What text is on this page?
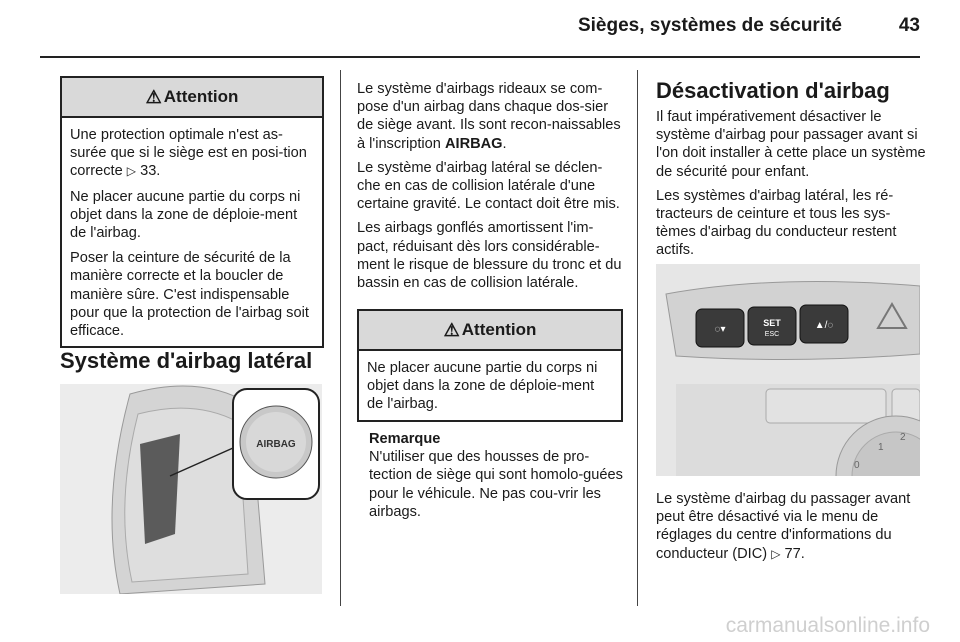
Sièges, systèmes de sécurité	43
⚠ Attention

Une protection optimale n'est as-surée que si le siège est en posi-tion correcte ▷ 33.

Ne placer aucune partie du corps ni objet dans la zone de déploie-ment de l'airbag.

Poser la ceinture de sécurité de la manière correcte et la boucler de manière sûre. C'est indispensable pour que la protection de l'airbag soit efficace.

Système d'airbag latéral
AIRBAG

Le système d'airbags rideaux se com-pose d'un airbag dans chaque dos-sier de siège avant. Ils sont recon-naissables à l'inscription AIRBAG.

Le système d'airbag latéral se déclen-che en cas de collision latérale d'une certaine gravité. Le contact doit être mis.

Les airbags gonflés amortissent l'im-pact, réduisant dès lors considérable-ment le risque de blessure du tronc et du bassin en cas de collision latérale.

⚠ Attention

Ne placer aucune partie du corps ni objet dans la zone de déploie-ment de l'airbag.

Remarque
N'utiliser que des housses de pro-tection de siège qui sont homolo-guées pour le véhicule. Ne pas cou-vrir les airbags.
Désactivation d'airbag

Il faut impérativement désactiver le système d'airbag pour passager avant si l'on doit installer à cette place un système de sécurité pour enfant.

Les systèmes d'airbag latéral, les ré-tracteurs de ceinture et tous les sys-tèmes d'airbag du conducteur restent actifs.

◌▾
SET
ESC
▲/◌
1
2
0

Le système d'airbag du passager avant peut être désactivé via le menu de réglages du centre d'informations du conducteur (DIC) ▷ 77.

carmanualsonline.info
